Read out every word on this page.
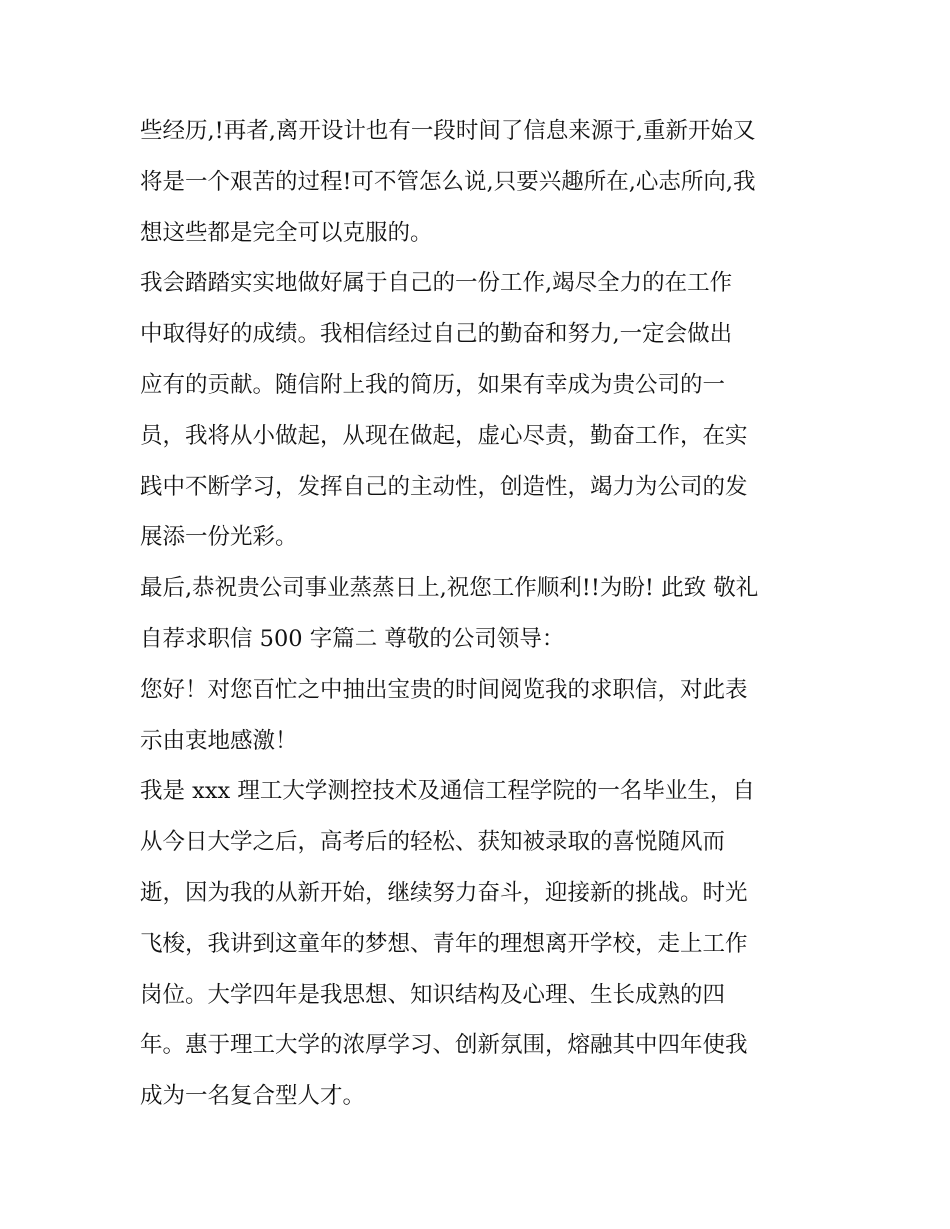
些经历,!再者,离开设计也有一段时间了信息来源于,重新开始又
将是一个艰苦的过程!可不管怎么说,只要兴趣所在,心志所向,我
想这些都是完全可以克服的。

我会踏踏实实地做好属于自己的一份工作,竭尽全力的在工作
中取得好的成绩。我相信经过自己的勤奋和努力,一定会做出
应有的贡献。随信附上我的简历，如果有幸成为贵公司的一
员，我将从小做起，从现在做起，虚心尽责，勤奋工作，在实
践中不断学习，发挥自己的主动性，创造性，竭力为公司的发
展添一份光彩。

最后,恭祝贵公司事业蒸蒸日上,祝您工作顺利!!为盼! 此致 敬礼
自荐求职信 500 字篇二 尊敬的公司领导：

您好！对您百忙之中抽出宝贵的时间阅览我的求职信，对此表
示由衷地感激！

我是 xxx 理工大学测控技术及通信工程学院的一名毕业生，自
从今日大学之后，高考后的轻松、获知被录取的喜悦随风而
逝，因为我的从新开始，继续努力奋斗，迎接新的挑战。时光
飞梭，我讲到这童年的梦想、青年的理想离开学校，走上工作
岗位。大学四年是我思想、知识结构及心理、生长成熟的四
年。惠于理工大学的浓厚学习、创新氛围，熔融其中四年使我
成为一名复合型人才。
